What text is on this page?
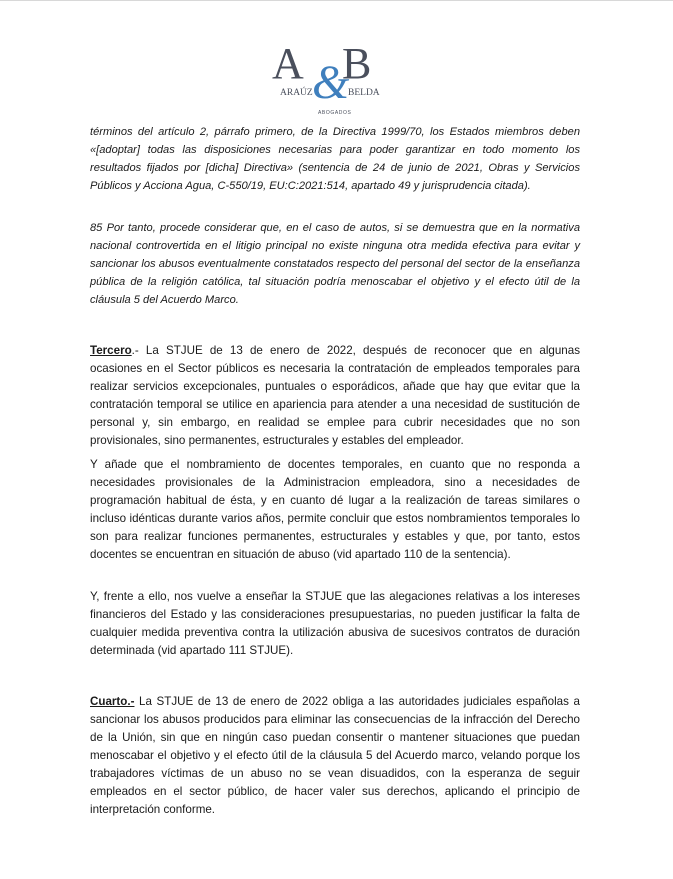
A B
&
ARAÚZ	BELDA
ABOGADOS

términos del artículo 2, párrafo primero, de la Directiva 1999/70, los Estados miembros deben «[adoptar] todas las disposiciones necesarias para poder garantizar en todo momento los resultados fijados por [dicha] Directiva» (sentencia de 24 de junio de 2021, Obras y Servicios Públicos y Acciona Agua, C‑550/19, EU:C:2021:514, apartado 49 y jurisprudencia citada).

85 Por tanto, procede considerar que, en el caso de autos, si se demuestra que en la normativa nacional controvertida en el litigio principal no existe ninguna otra medida efectiva para evitar y sancionar los abusos eventualmente constatados respecto del personal del sector de la enseñanza pública de la religión católica, tal situación podría menoscabar el objetivo y el efecto útil de la cláusula 5 del Acuerdo Marco.

Tercero.- La STJUE de 13 de enero de 2022, después de reconocer que en algunas ocasiones en el Sector públicos es necesaria la contratación de empleados temporales para realizar servicios excepcionales, puntuales o esporádicos, añade que hay que evitar que la contratación temporal se utilice en apariencia para atender a una necesidad de sustitución de personal y, sin embargo, en realidad se emplee para cubrir necesidades que no son provisionales, sino permanentes, estructurales y estables del empleador.

Y añade que el nombramiento de docentes temporales, en cuanto que no responda a necesidades provisionales de la Administracion empleadora, sino a necesidades de programación habitual de ésta, y en cuanto dé lugar a la realización de tareas similares o incluso idénticas durante varios años, permite concluir que estos nombramientos temporales lo son para realizar funciones permanentes, estructurales y estables y que, por tanto, estos docentes se encuentran en situación de abuso (vid apartado 110 de la sentencia).

Y, frente a ello, nos vuelve a enseñar la STJUE que las alegaciones relativas a los intereses financieros del Estado y las consideraciones presupuestarias, no pueden justificar la falta de cualquier medida preventiva contra la utilización abusiva de sucesivos contratos de duración determinada (vid apartado 111 STJUE).

Cuarto.- La STJUE de 13 de enero de 2022 obliga a las autoridades judiciales españolas a sancionar los abusos producidos para eliminar las consecuencias de la infracción del Derecho de la Unión, sin que en ningún caso puedan consentir o mantener situaciones que puedan menoscabar el objetivo y el efecto útil de la cláusula 5 del Acuerdo marco, velando porque los trabajadores víctimas de un abuso no se vean disuadidos, con la esperanza de seguir empleados en el sector público, de hacer valer sus derechos, aplicando el principio de interpretación conforme.
